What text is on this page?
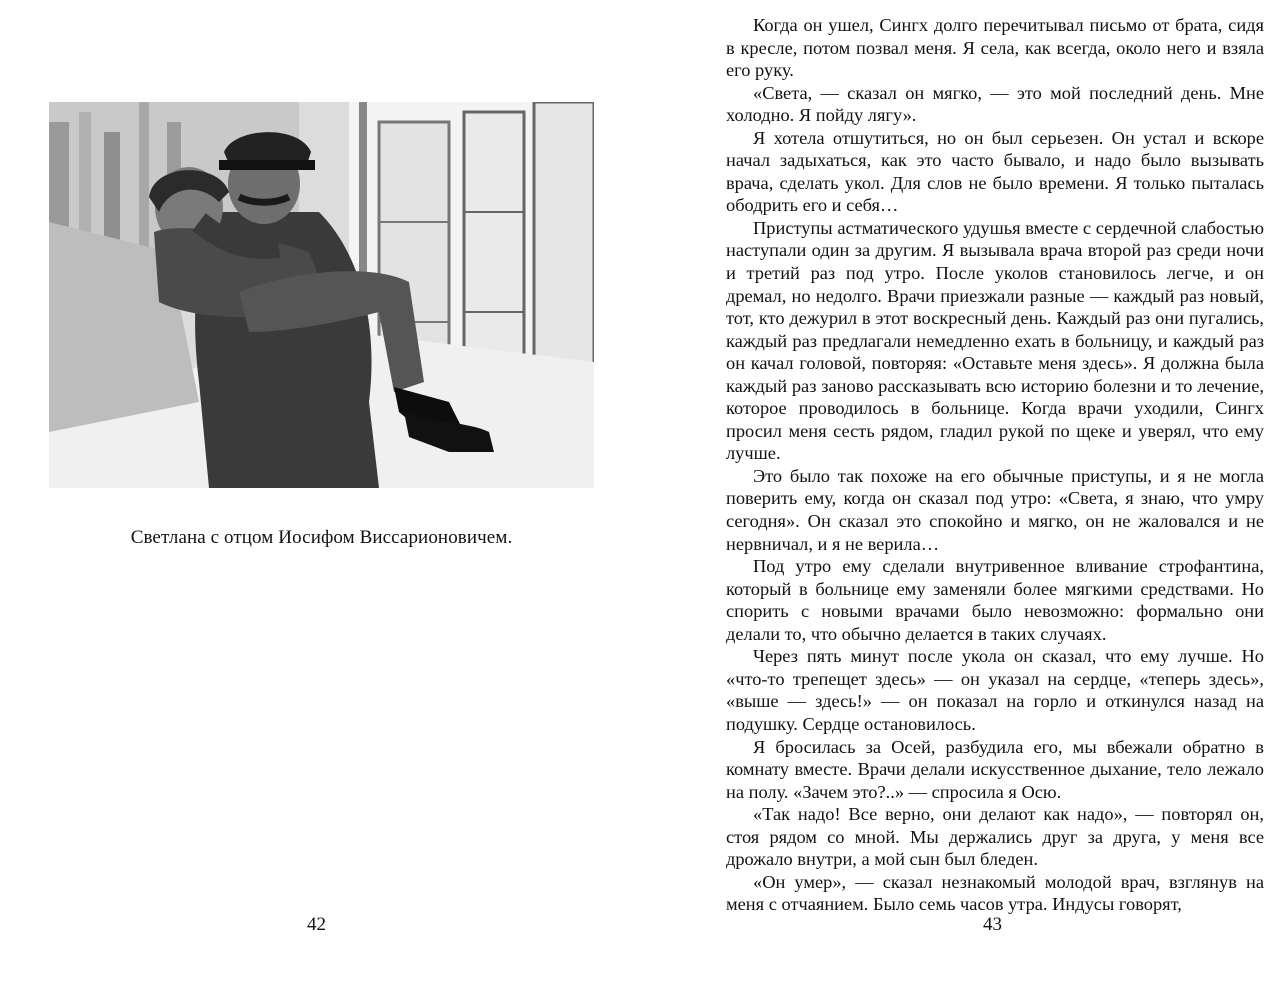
Светлана с отцом Иосифом Виссарионовичем.
42

Когда он ушел, Сингх долго перечитывал письмо от брата, сидя в кресле, потом позвал меня. Я села, как всегда, около него и взяла его руку.

«Света, — сказал он мягко, — это мой последний день. Мне холодно. Я пойду лягу».

Я хотела отшутиться, но он был серьезен. Он устал и вскоре начал задыхаться, как это часто бывало, и надо было вызывать врача, сделать укол. Для слов не было времени. Я только пыталась ободрить его и себя…

Приступы астматического удушья вместе с сердечной слабостью наступали один за другим. Я вызывала врача второй раз среди ночи и третий раз под утро. После уколов становилось легче, и он дремал, но недолго. Врачи приезжали разные — каждый раз новый, тот, кто дежурил в этот воскресный день. Каждый раз они пугались, каждый раз предлагали немедленно ехать в больницу, и каждый раз он качал головой, повторяя: «Оставьте меня здесь». Я должна была каждый раз заново рассказывать всю историю болезни и то лечение, которое проводилось в больнице. Когда врачи уходили, Сингх просил меня сесть рядом, гладил рукой по щеке и уверял, что ему лучше.

Это было так похоже на его обычные приступы, и я не могла поверить ему, когда он сказал под утро: «Света, я знаю, что умру сегодня». Он сказал это спокойно и мягко, он не жаловался и не нервничал, и я не верила…

Под утро ему сделали внутривенное вливание строфантина, который в больнице ему заменяли более мягкими средствами. Но спорить с новыми врачами было невозможно: формально они делали то, что обычно делается в таких случаях.

Через пять минут после укола он сказал, что ему лучше. Но «что-то трепещет здесь» — он указал на сердце, «теперь здесь», «выше — здесь!» — он показал на горло и откинулся назад на подушку. Сердце остановилось.

Я бросилась за Осей, разбудила его, мы вбежали обратно в комнату вместе. Врачи делали искусственное дыхание, тело лежало на полу. «Зачем это?..» — спросила я Осю.

«Так надо! Все верно, они делают как надо», — повторял он, стоя рядом со мной. Мы держались друг за друга, у меня все дрожало внутри, а мой сын был бледен.

«Он умер», — сказал незнакомый молодой врач, взглянув на меня с отчаянием. Было семь часов утра. Индусы говорят,

43
